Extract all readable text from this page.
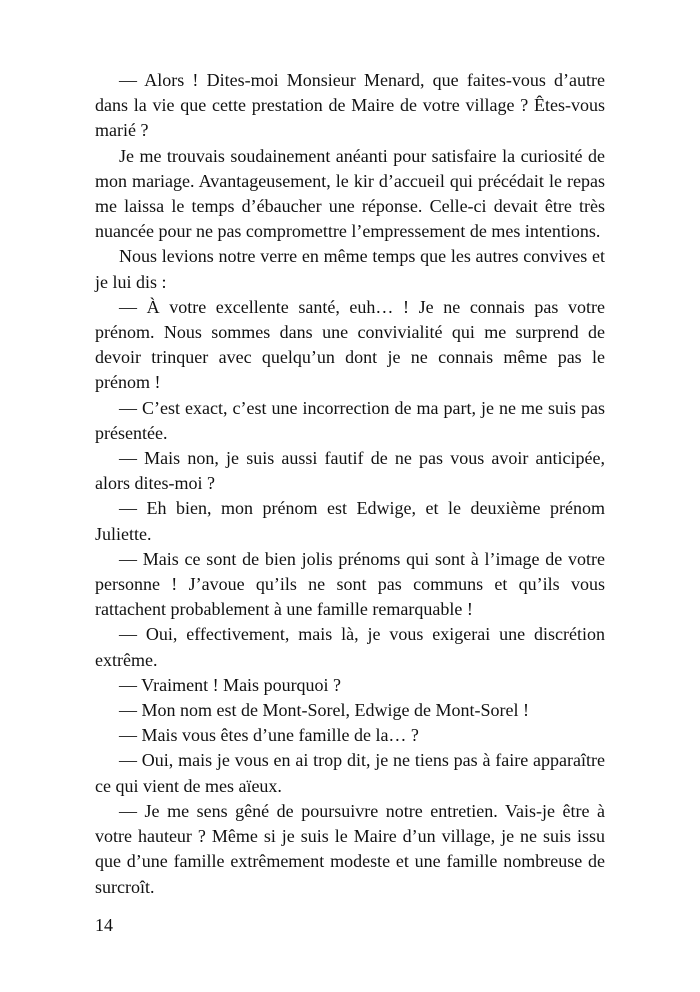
— Alors ! Dites-moi Monsieur Menard, que faites-vous d’autre dans la vie que cette prestation de Maire de votre village ? Êtes-vous marié ?

Je me trouvais soudainement anéanti pour satisfaire la curiosité de mon mariage. Avantageusement, le kir d’accueil qui précédait le repas me laissa le temps d’ébaucher une réponse. Celle-ci devait être très nuancée pour ne pas compromettre l’empressement de mes intentions.

Nous levions notre verre en même temps que les autres convives et je lui dis :

— À votre excellente santé, euh… ! Je ne connais pas votre prénom. Nous sommes dans une convivialité qui me surprend de devoir trinquer avec quelqu’un dont je ne connais même pas le prénom !

— C’est exact, c’est une incorrection de ma part, je ne me suis pas présentée.

— Mais non, je suis aussi fautif de ne pas vous avoir anticipée, alors dites-moi ?

— Eh bien, mon prénom est Edwige, et le deuxième prénom Juliette.

— Mais ce sont de bien jolis prénoms qui sont à l’image de votre personne ! J’avoue qu’ils ne sont pas communs et qu’ils vous rattachent probablement à une famille remarquable !

— Oui, effectivement, mais là, je vous exigerai une discrétion extrême.

— Vraiment ! Mais pourquoi ?

— Mon nom est de Mont-Sorel, Edwige de Mont-Sorel !

— Mais vous êtes d’une famille de la… ?

— Oui, mais je vous en ai trop dit, je ne tiens pas à faire apparaître ce qui vient de mes aïeux.

— Je me sens gêné de poursuivre notre entretien. Vais-je être à votre hauteur ? Même si je suis le Maire d’un village, je ne suis issu que d’une famille extrêmement modeste et une famille nombreuse de surcroît.

14
